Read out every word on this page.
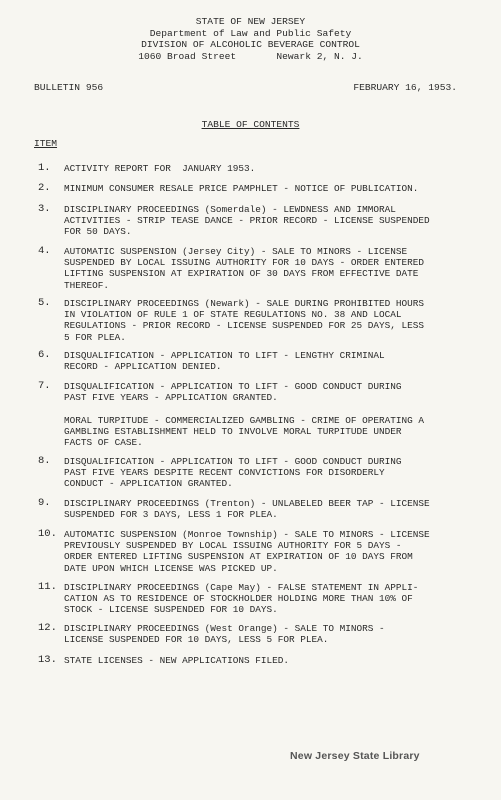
STATE OF NEW JERSEY
Department of Law and Public Safety
DIVISION OF ALCOHOLIC BEVERAGE CONTROL
1060 Broad Street       Newark 2, N. J.
BULLETIN 956	FEBRUARY 16, 1953.
TABLE OF CONTENTS
ITEM
1. ACTIVITY REPORT FOR  JANUARY 1953.
2. MINIMUM CONSUMER RESALE PRICE PAMPHLET - NOTICE OF PUBLICATION.
3. DISCIPLINARY PROCEEDINGS (Somerdale) - LEWDNESS AND IMMORAL
ACTIVITIES - STRIP TEASE DANCE - PRIOR RECORD - LICENSE SUSPENDED
FOR 50 DAYS.
4. AUTOMATIC SUSPENSION (Jersey City) - SALE TO MINORS - LICENSE
SUSPENDED BY LOCAL ISSUING AUTHORITY FOR 10 DAYS - ORDER ENTERED
LIFTING SUSPENSION AT EXPIRATION OF 30 DAYS FROM EFFECTIVE DATE
THEREOF.
5. DISCIPLINARY PROCEEDINGS (Newark) - SALE DURING PROHIBITED HOURS
IN VIOLATION OF RULE 1 OF STATE REGULATIONS NO. 38 AND LOCAL
REGULATIONS - PRIOR RECORD - LICENSE SUSPENDED FOR 25 DAYS, LESS
5 FOR PLEA.
6. DISQUALIFICATION - APPLICATION TO LIFT - LENGTHY CRIMINAL
RECORD - APPLICATION DENIED.
7. DISQUALIFICATION - APPLICATION TO LIFT - GOOD CONDUCT DURING
PAST FIVE YEARS - APPLICATION GRANTED.
MORAL TURPITUDE - COMMERCIALIZED GAMBLING - CRIME OF OPERATING A
GAMBLING ESTABLISHMENT HELD TO INVOLVE MORAL TURPITUDE UNDER
FACTS OF CASE.
8. DISQUALIFICATION - APPLICATION TO LIFT - GOOD CONDUCT DURING
PAST FIVE YEARS DESPITE RECENT CONVICTIONS FOR DISORDERLY
CONDUCT - APPLICATION GRANTED.
9. DISCIPLINARY PROCEEDINGS (Trenton) - UNLABELED BEER TAP - LICENSE
SUSPENDED FOR 3 DAYS, LESS 1 FOR PLEA.
10. AUTOMATIC SUSPENSION (Monroe Township) - SALE TO MINORS - LICENSE
PREVIOUSLY SUSPENDED BY LOCAL ISSUING AUTHORITY FOR 5 DAYS -
ORDER ENTERED LIFTING SUSPENSION AT EXPIRATION OF 10 DAYS FROM
DATE UPON WHICH LICENSE WAS PICKED UP.
11. DISCIPLINARY PROCEEDINGS (Cape May) - FALSE STATEMENT IN APPLI-
CATION AS TO RESIDENCE OF STOCKHOLDER HOLDING MORE THAN 10% OF
STOCK - LICENSE SUSPENDED FOR 10 DAYS.
12. DISCIPLINARY PROCEEDINGS (West Orange) - SALE TO MINORS -
LICENSE SUSPENDED FOR 10 DAYS, LESS 5 FOR PLEA.
13. STATE LICENSES - NEW APPLICATIONS FILED.
New Jersey State Library
